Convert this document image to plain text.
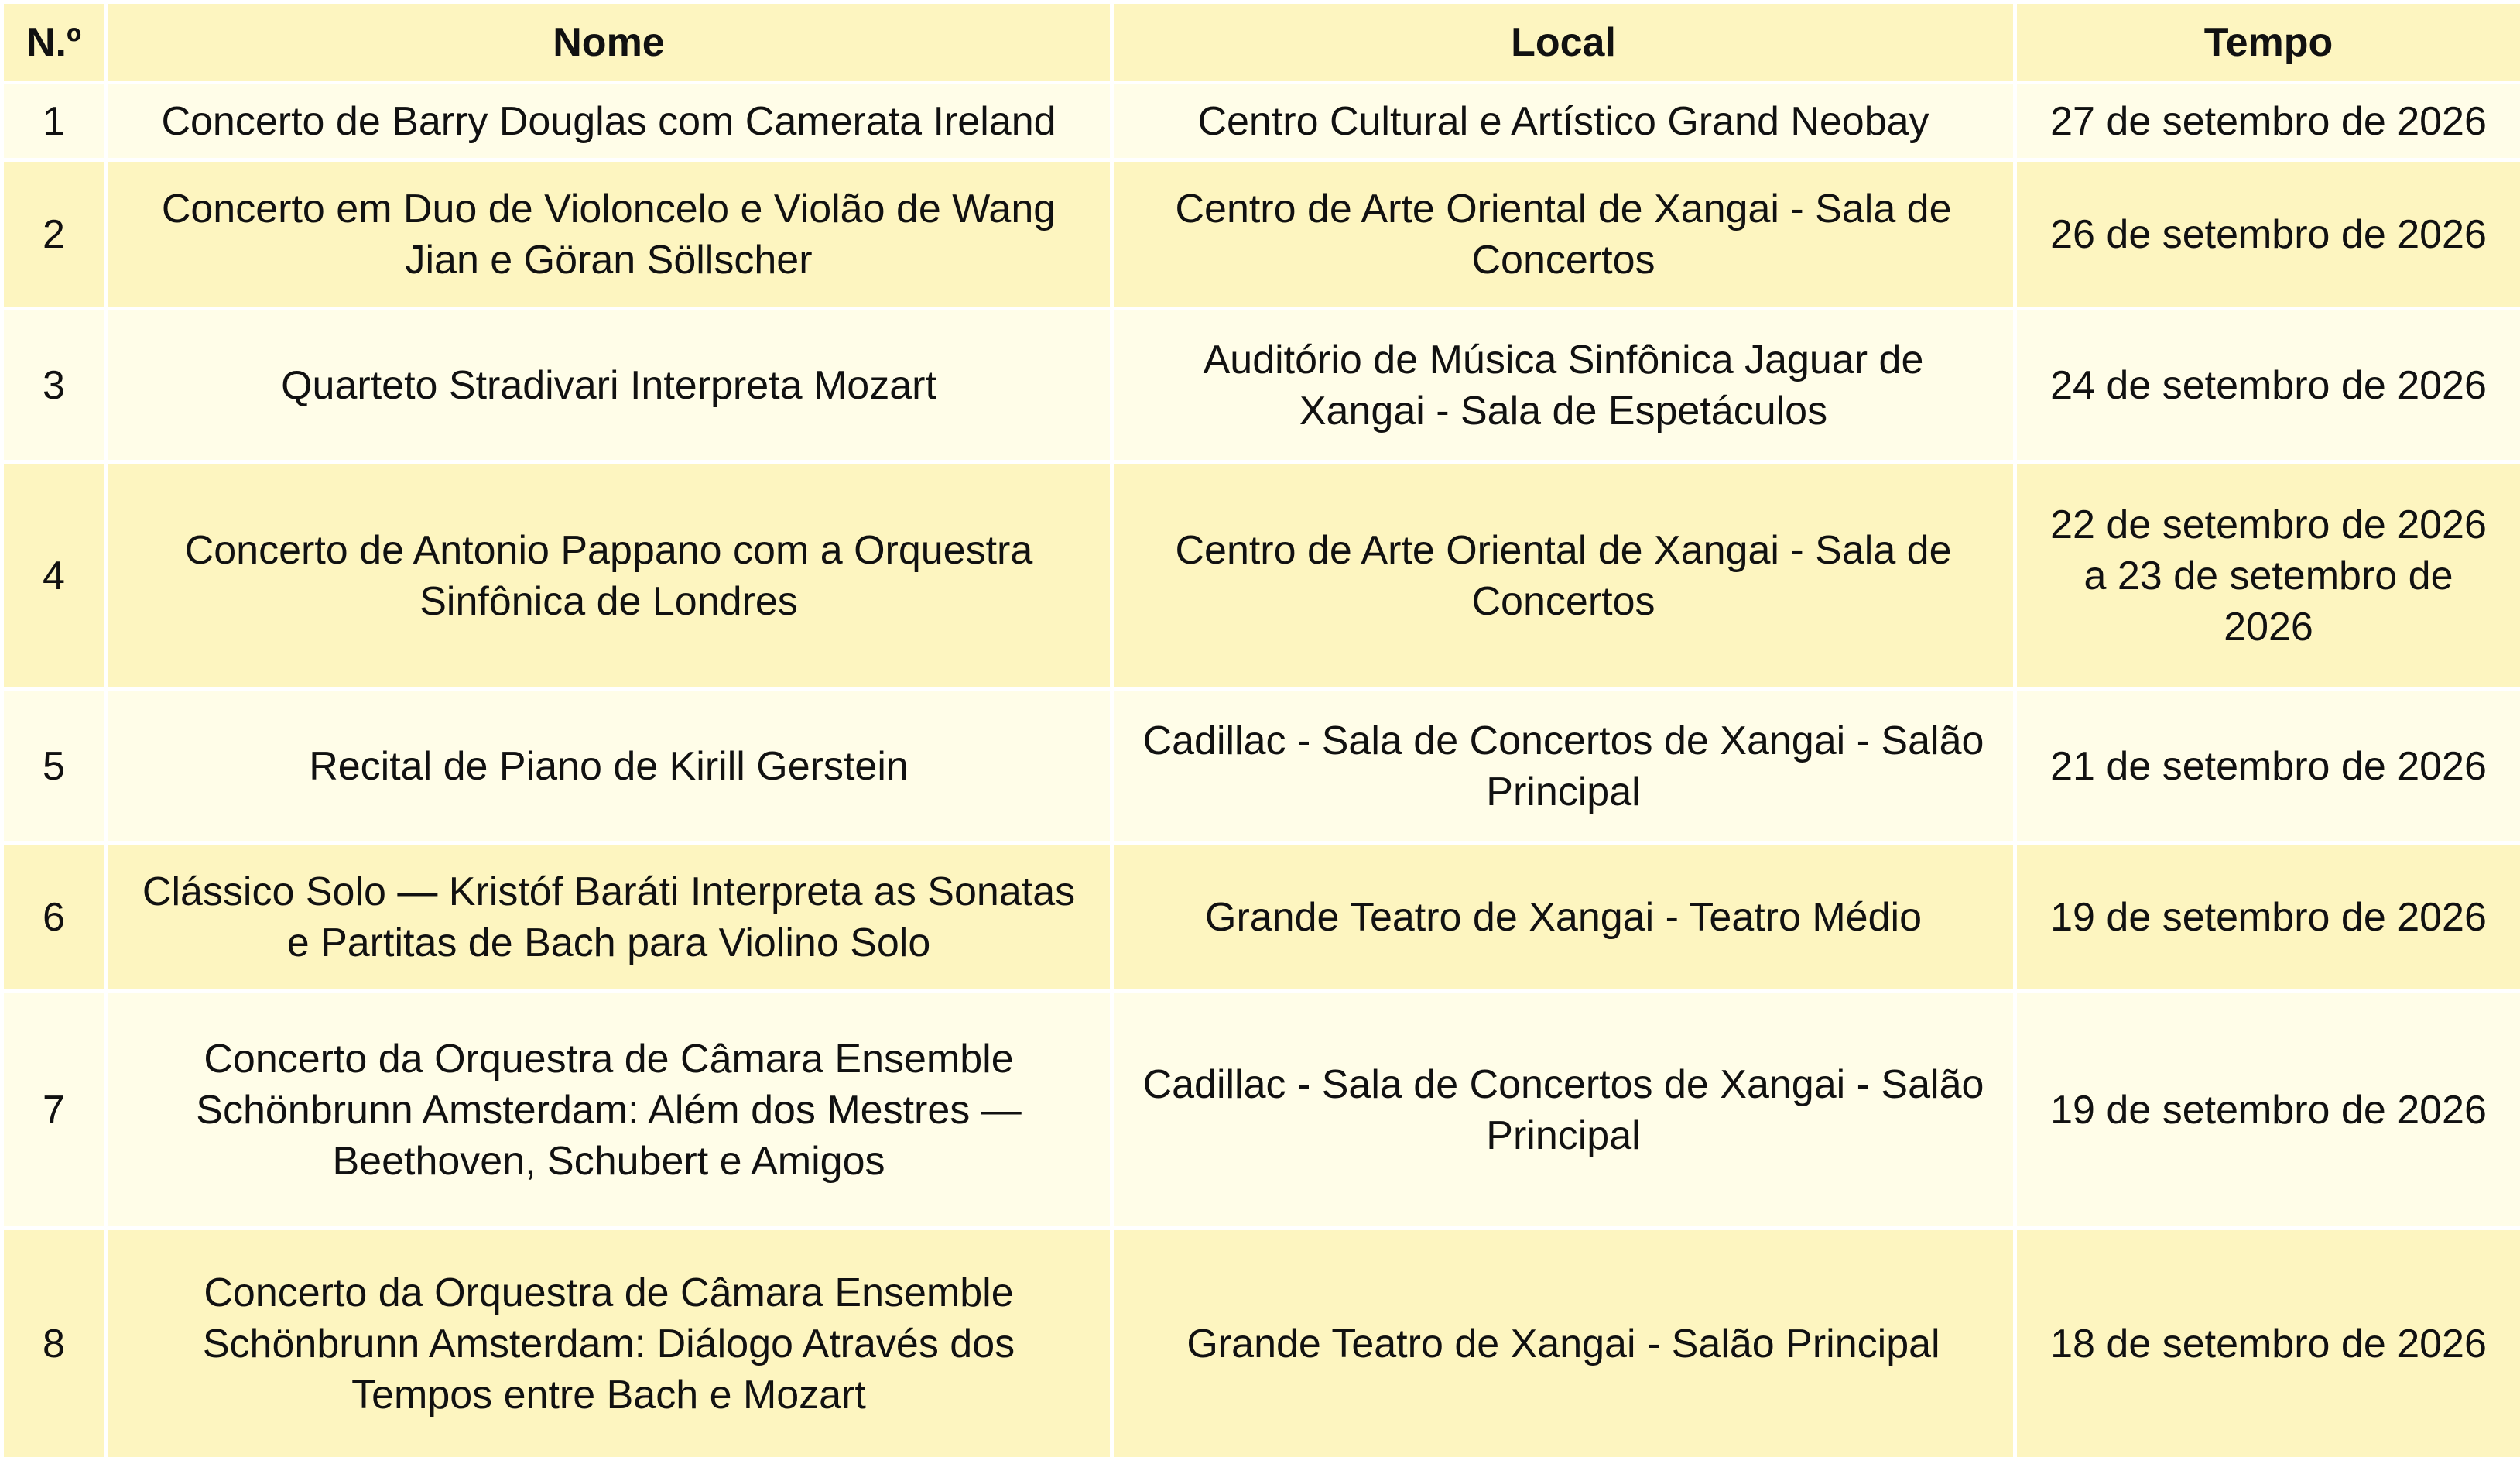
N.º	Nome	Local	Tempo
1	Concerto de Barry Douglas com Camerata Ireland	Centro Cultural e Artístico Grand Neobay	27 de setembro de 2026
2	Concerto em Duo de Violoncelo e Violão de Wang Jian e Göran Söllscher	Centro de Arte Oriental de Xangai - Sala de Concertos	26 de setembro de 2026
3	Quarteto Stradivari Interpreta Mozart	Auditório de Música Sinfônica Jaguar de Xangai - Sala de Espetáculos	24 de setembro de 2026
4	Concerto de Antonio Pappano com a Orquestra Sinfônica de Londres	Centro de Arte Oriental de Xangai - Sala de Concertos	22 de setembro de 2026 a 23 de setembro de 2026
5	Recital de Piano de Kirill Gerstein	Cadillac - Sala de Concertos de Xangai - Salão Principal	21 de setembro de 2026
6	Clássico Solo — Kristóf Baráti Interpreta as Sonatas e Partitas de Bach para Violino Solo	Grande Teatro de Xangai - Teatro Médio	19 de setembro de 2026
7	Concerto da Orquestra de Câmara Ensemble Schönbrunn Amsterdam: Além dos Mestres — Beethoven, Schubert e Amigos	Cadillac - Sala de Concertos de Xangai - Salão Principal	19 de setembro de 2026
8	Concerto da Orquestra de Câmara Ensemble Schönbrunn Amsterdam: Diálogo Através dos Tempos entre Bach e Mozart	Grande Teatro de Xangai - Salão Principal	18 de setembro de 2026
